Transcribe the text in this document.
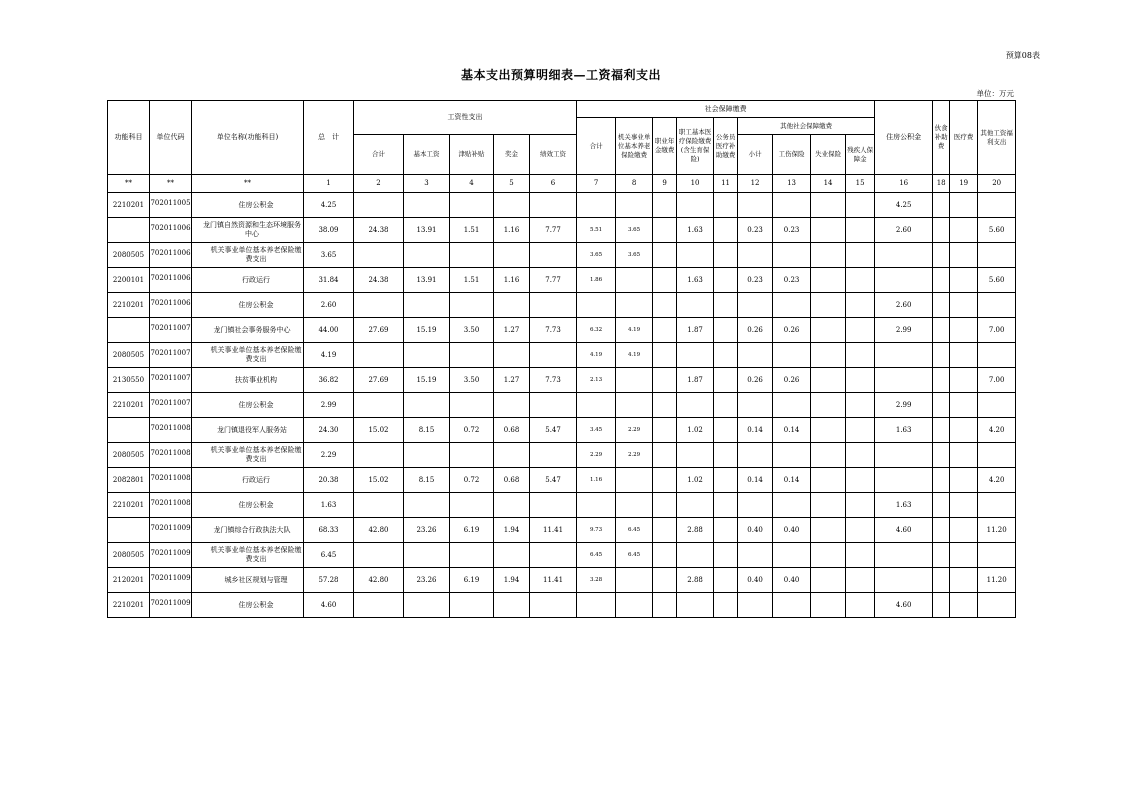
预算08表
基本支出预算明细表—工资福利支出
单位：万元
功能科目	单位代码	单位名称(功能科目)	总　计	工资性支出					社会保障缴费									住房公积金	伙食补助费	医疗费	其他工资福利支出
									合计	机关事业单位基本养老保险缴费	职业年金缴费	职工基本医疗保险缴费(含生育保险)	公务员医疗补助缴费	其他社会保障缴费							
				合计	基本工资	津贴补贴	奖金	绩效工资						小计	工伤保险	失业保险	残疾人保障金				
**	**	**	1	2	3	4	5	6	7	8	9	10	11	12	13	14	15	16	18	19	20
2210201	702011005	住房公积金	4.25															4.25			

	702011006	龙门镇自然资源和生态环境服务中心	38.09	24.38	13.91	1.51	1.16	7.77	5.51	3.65		1.63		0.23	0.23			2.60			5.60
2080505	702011006	机关事业单位基本养老保险缴费支出	3.65						3.65	3.65											
2200101	702011006	行政运行	31.84	24.38	13.91	1.51	1.16	7.77	1.86			1.63		0.23	0.23						5.60
2210201	702011006	住房公积金	2.60															2.60			

	702011007	龙门镇社会事务服务中心	44.00	27.69	15.19	3.50	1.27	7.73	6.32	4.19		1.87		0.26	0.26			2.99			7.00
2080505	702011007	机关事业单位基本养老保险缴费支出	4.19						4.19	4.19											
2130550	702011007	扶贫事业机构	36.82	27.69	15.19	3.50	1.27	7.73	2.13			1.87		0.26	0.26						7.00
2210201	702011007	住房公积金	2.99															2.99			

	702011008	龙门镇退役军人服务站	24.30	15.02	8.15	0.72	0.68	5.47	3.45	2.29		1.02		0.14	0.14			1.63			4.20
2080505	702011008	机关事业单位基本养老保险缴费支出	2.29						2.29	2.29											
2082801	702011008	行政运行	20.38	15.02	8.15	0.72	0.68	5.47	1.16			1.02		0.14	0.14						4.20
2210201	702011008	住房公积金	1.63															1.63			

	702011009	龙门镇综合行政执法大队	68.33	42.80	23.26	6.19	1.94	11.41	9.73	6.45		2.88		0.40	0.40			4.60			11.20
2080505	702011009	机关事业单位基本养老保险缴费支出	6.45						6.45	6.45											
2120201	702011009	城乡社区规划与管理	57.28	42.80	23.26	6.19	1.94	11.41	3.28			2.88		0.40	0.40						11.20
2210201	702011009	住房公积金	4.60															4.60			
